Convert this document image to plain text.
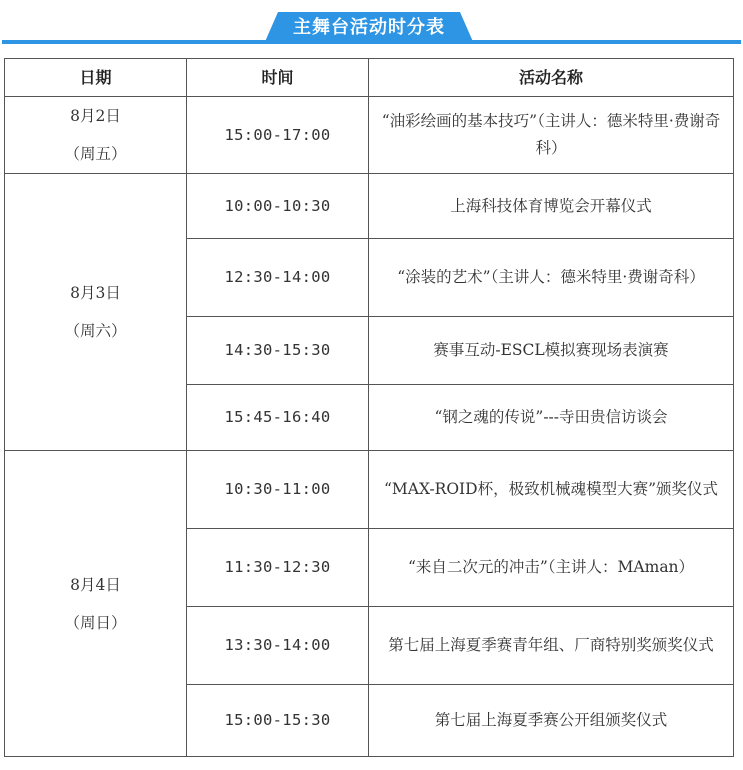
主舞台活动时分表
日期	时间	活动名称

8月2日
（周五）	15:00-17:00	“油彩绘画的基本技巧”（主讲人：德米特里·费谢奇科）

8月3日
（周六）	10:00-10:30	上海科技体育博览会开幕仪式

	12:30-14:00	“涂装的艺术”（主讲人：德米特里·费谢奇科）

	14:30-15:30	赛事互动-ESCL模拟赛现场表演赛

	15:45-16:40	“钢之魂的传说”---寺田贵信访谈会

8月4日
（周日）	10:30-11:00	“MAX-ROID杯，极致机械魂模型大赛”颁奖仪式

	11:30-12:30	“来自二次元的冲击”（主讲人：MAman）

	13:30-14:00	第七届上海夏季赛青年组、厂商特别奖颁奖仪式

	15:00-15:30	第七届上海夏季赛公开组颁奖仪式
